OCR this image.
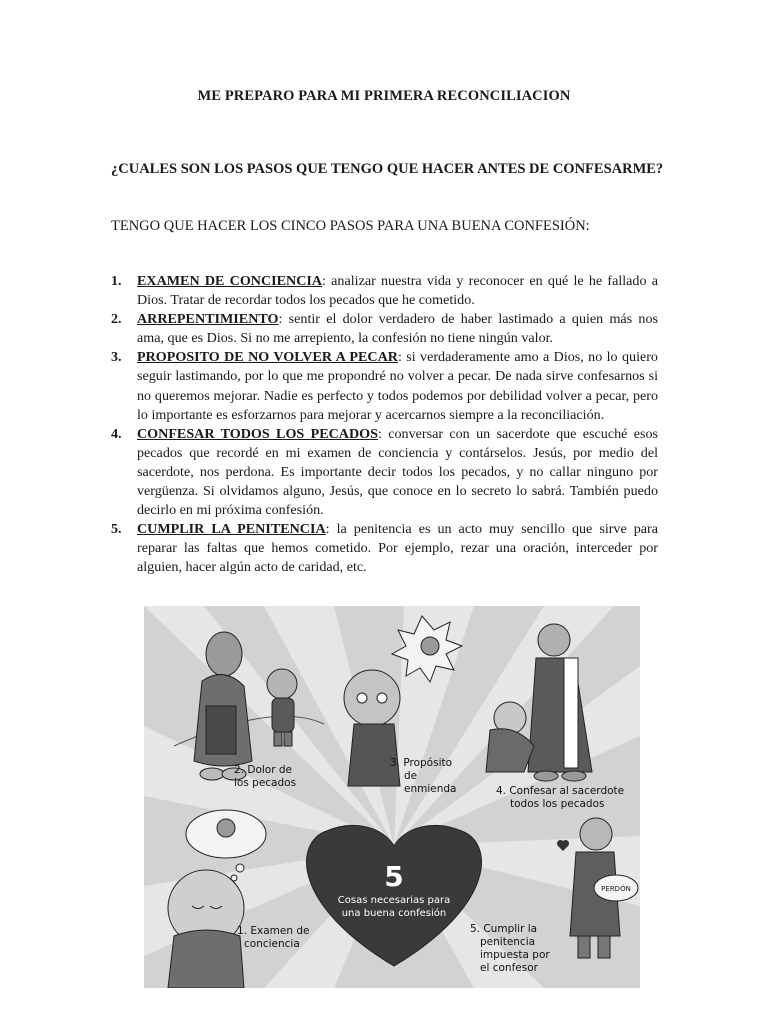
ME PREPARO PARA MI PRIMERA RECONCILIACION
¿CUALES SON LOS PASOS QUE TENGO QUE HACER ANTES DE CONFESARME?
TENGO QUE HACER LOS CINCO PASOS PARA UNA BUENA CONFESIÓN:
1.	EXAMEN DE CONCIENCIA: analizar nuestra vida y reconocer en qué le he fallado a Dios. Tratar de recordar todos los pecados que he cometido.
2.	ARREPENTIMIENTO: sentir el dolor verdadero de haber lastimado a quien más nos ama, que es Dios. Si no me arrepiento, la confesión no tiene ningún valor.
3.	PROPOSITO DE NO VOLVER A PECAR: si verdaderamente amo a Dios, no lo quiero seguir lastimando, por lo que me propondré no volver a pecar. De nada sirve confesarnos si no queremos mejorar. Nadie es perfecto y todos podemos por debilidad volver a pecar, pero lo importante es esforzarnos para mejorar y acercarnos siempre a la reconciliación.
4.	CONFESAR TODOS LOS PECADOS: conversar con un sacerdote que escuché esos pecados que recordé en mi examen de conciencia y contárselos. Jesús, por medio del sacerdote, nos perdona. Es importante decir todos los pecados, y no callar ninguno por vergüenza. Si olvidamos alguno, Jesús, que conoce en lo secreto lo sabrá. También puedo decirlo en mi próxima confesión.
5.	CUMPLIR LA PENITENCIA: la penitencia es un acto muy sencillo que sirve para reparar las faltas que hemos cometido. Por ejemplo, rezar una oración, interceder por alguien, hacer algún acto de caridad, etc.
2. Dolor de
los pecados
3. Propósito
de
enmienda	4. Confesar al sacerdote
todos los pecados
1. Examen de
conciencia
5
Cosas necesarias para
una buena confesión
PERDÓN
5. Cumplir la
penitencia
impuesta por
el confesor
